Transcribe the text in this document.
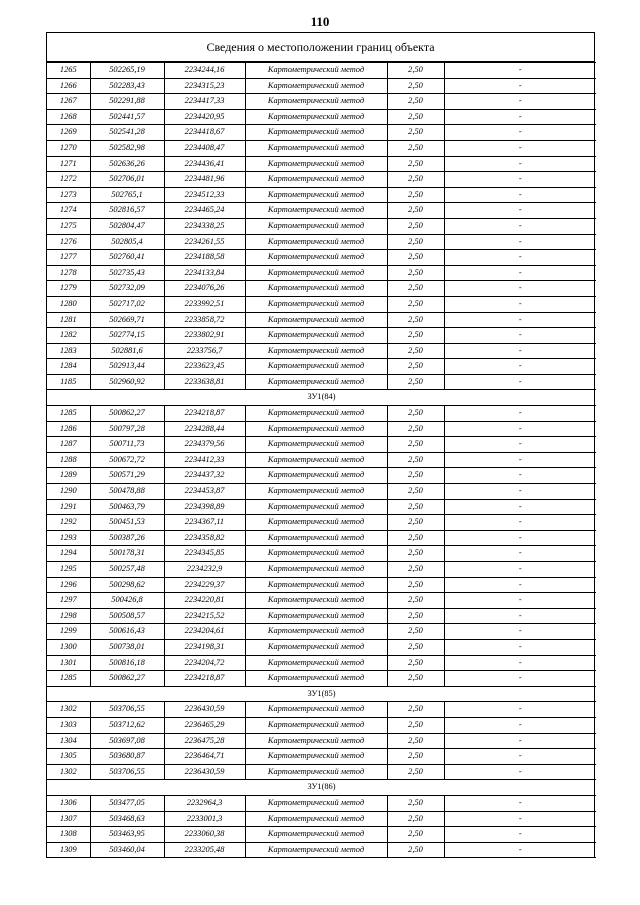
110
Сведения о местоположении границ объекта
1265	502265,19	2234244,16	Картометрический метод	2,50	-
1266	502283,43	2234315,23	Картометрический метод	2,50	-
1267	502291,88	2234417,33	Картометрический метод	2,50	-
1268	502441,57	2234420,95	Картометрический метод	2,50	-
1269	502541,28	2234418,67	Картометрический метод	2,50	-
1270	502582,98	2234408,47	Картометрический метод	2,50	-
1271	502636,26	2234436,41	Картометрический метод	2,50	-
1272	502706,01	2234481,96	Картометрический метод	2,50	-
1273	502765,1	2234512,33	Картометрический метод	2,50	-
1274	502816,57	2234465,24	Картометрический метод	2,50	-
1275	502804,47	2234338,25	Картометрический метод	2,50	-
1276	502805,4	2234261,55	Картометрический метод	2,50	-
1277	502760,41	2234188,58	Картометрический метод	2,50	-
1278	502735,43	2234133,84	Картометрический метод	2,50	-
1279	502732,09	2234076,26	Картометрический метод	2,50	-
1280	502717,02	2233992,51	Картометрический метод	2,50	-
1281	502669,71	2233858,72	Картометрический метод	2,50	-
1282	502774,15	2233802,91	Картометрический метод	2,50	-
1283	502881,6	2233756,7	Картометрический метод	2,50	-
1284	502913,44	2233623,45	Картометрический метод	2,50	-
1185	502960,92	2233638,81	Картометрический метод	2,50	-
ЗУ1(84)					
1285	500862,27	2234218,87	Картометрический метод	2,50	-
1286	500797,28	2234288,44	Картометрический метод	2,50	-
1287	500711,73	2234379,56	Картометрический метод	2,50	-
1288	500672,72	2234412,33	Картометрический метод	2,50	-
1289	500571,29	2234437,32	Картометрический метод	2,50	-
1290	500478,88	2234453,87	Картометрический метод	2,50	-
1291	500463,79	2234398,89	Картометрический метод	2,50	-
1292	500451,53	2234367,11	Картометрический метод	2,50	-
1293	500387,26	2234358,82	Картометрический метод	2,50	-
1294	500178,31	2234345,85	Картометрический метод	2,50	-
1295	500257,48	2234232,9	Картометрический метод	2,50	-
1296	500298,62	2234229,37	Картометрический метод	2,50	-
1297	500426,8	2234220,81	Картометрический метод	2,50	-
1298	500508,57	2234215,52	Картометрический метод	2,50	-
1299	500616,43	2234204,61	Картометрический метод	2,50	-
1300	500738,01	2234198,31	Картометрический метод	2,50	-
1301	500816,18	2234204,72	Картометрический метод	2,50	-
1285	500862,27	2234218,87	Картометрический метод	2,50	-
ЗУ1(85)					
1302	503706,55	2236430,59	Картометрический метод	2,50	-
1303	503712,62	2236465,29	Картометрический метод	2,50	-
1304	503697,08	2236475,28	Картометрический метод	2,50	-
1305	503680,87	2236464,71	Картометрический метод	2,50	-
1302	503706,55	2236430,59	Картометрический метод	2,50	-
ЗУ1(86)					
1306	503477,05	2232964,3	Картометрический метод	2,50	-
1307	503468,63	2233001,3	Картометрический метод	2,50	-
1308	503463,95	2233060,38	Картометрический метод	2,50	-
1309	503460,04	2233205,48	Картометрический метод	2,50	-
